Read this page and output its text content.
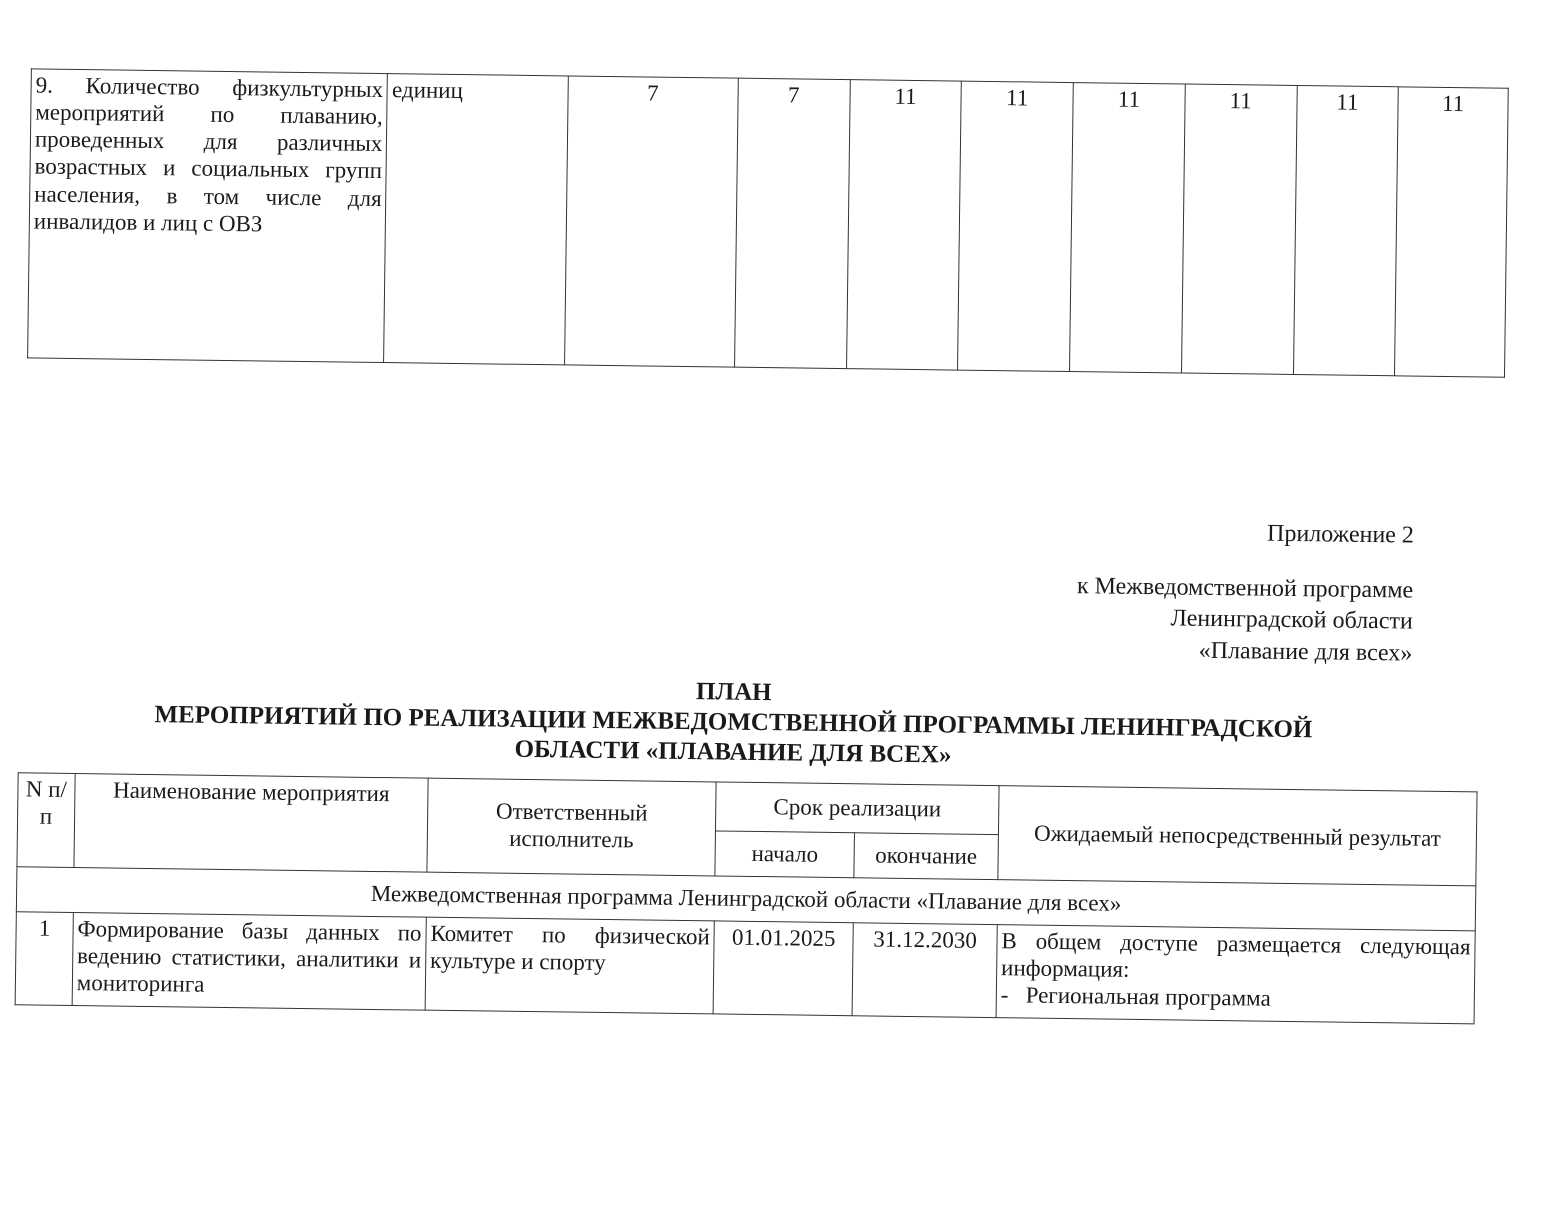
9. Количество физкультурных мероприятий по плаванию, проведенных для различных возрастных и социальных групп населения, в том числе для инвалидов и лиц с ОВЗ	единиц	7	7	11	11	11	11	11	11
Приложение 2
к Межведомственной программе
Ленинградской области
«Плавание для всех»
ПЛАН
МЕРОПРИЯТИЙ ПО РЕАЛИЗАЦИИ МЕЖВЕДОМСТВЕННОЙ ПРОГРАММЫ ЛЕНИНГРАДСКОЙ
ОБЛАСТИ «ПЛАВАНИЕ ДЛЯ ВСЕХ»
N п/п	Наименование мероприятия	Ответственный исполнитель	Срок реализации		Ожидаемый непосредственный результат
			начало	окончание	
Межведомственная программа Ленинградской области «Плавание для всех»					
1	Формирование базы данных по ведению статистики, аналитики и мониторинга	Комитет по физической культуре и спорту	01.01.2025	31.12.2030	В общем доступе размещается следующая информация:
-   Региональная программа
